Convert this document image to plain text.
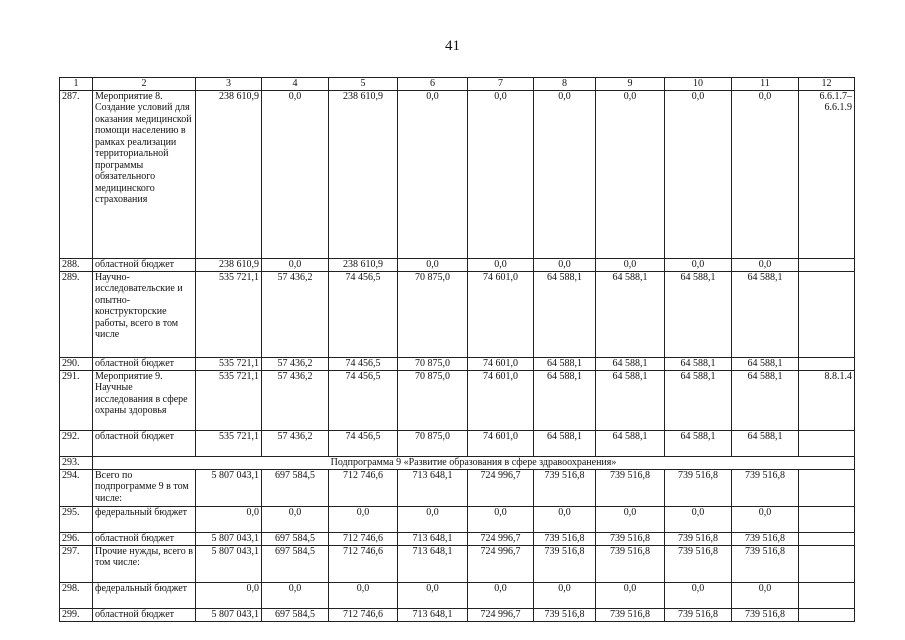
41
1	2	3	4	5	6	7	8	9	10	11	12
287.	Мероприятие 8. Создание условий для оказания медицинской помощи населению в рамках реализации территориальной программы обязательного медицинского страхования	238 610,9	0,0	238 610,9	0,0	0,0	0,0	0,0	0,0	0,0	6.6.1.7–6.6.1.9
288.	областной бюджет	238 610,9	0,0	238 610,9	0,0	0,0	0,0	0,0	0,0	0,0	
289.	Научно-исследовательские и опытно-конструкторские работы, всего в том числе	535 721,1	57 436,2	74 456,5	70 875,0	74 601,0	64 588,1	64 588,1	64 588,1	64 588,1	
290.	областной бюджет	535 721,1	57 436,2	74 456,5	70 875,0	74 601,0	64 588,1	64 588,1	64 588,1	64 588,1	
291.	Мероприятие 9. Научные исследования в сфере охраны здоровья	535 721,1	57 436,2	74 456,5	70 875,0	74 601,0	64 588,1	64 588,1	64 588,1	64 588,1	8.8.1.4
292.	областной бюджет	535 721,1	57 436,2	74 456,5	70 875,0	74 601,0	64 588,1	64 588,1	64 588,1	64 588,1	
293.	Подпрограмма 9 «Развитие образования в сфере здравоохранения»										
294.	Всего по подпрограмме 9 в том числе:	5 807 043,1	697 584,5	712 746,6	713 648,1	724 996,7	739 516,8	739 516,8	739 516,8	739 516,8	
295.	федеральный бюджет	0,0	0,0	0,0	0,0	0,0	0,0	0,0	0,0	0,0	
296.	областной бюджет	5 807 043,1	697 584,5	712 746,6	713 648,1	724 996,7	739 516,8	739 516,8	739 516,8	739 516,8	
297.	Прочие нужды, всего в том числе:	5 807 043,1	697 584,5	712 746,6	713 648,1	724 996,7	739 516,8	739 516,8	739 516,8	739 516,8	
298.	федеральный бюджет	0,0	0,0	0,0	0,0	0,0	0,0	0,0	0,0	0,0	
299.	областной бюджет	5 807 043,1	697 584,5	712 746,6	713 648,1	724 996,7	739 516,8	739 516,8	739 516,8	739 516,8	
